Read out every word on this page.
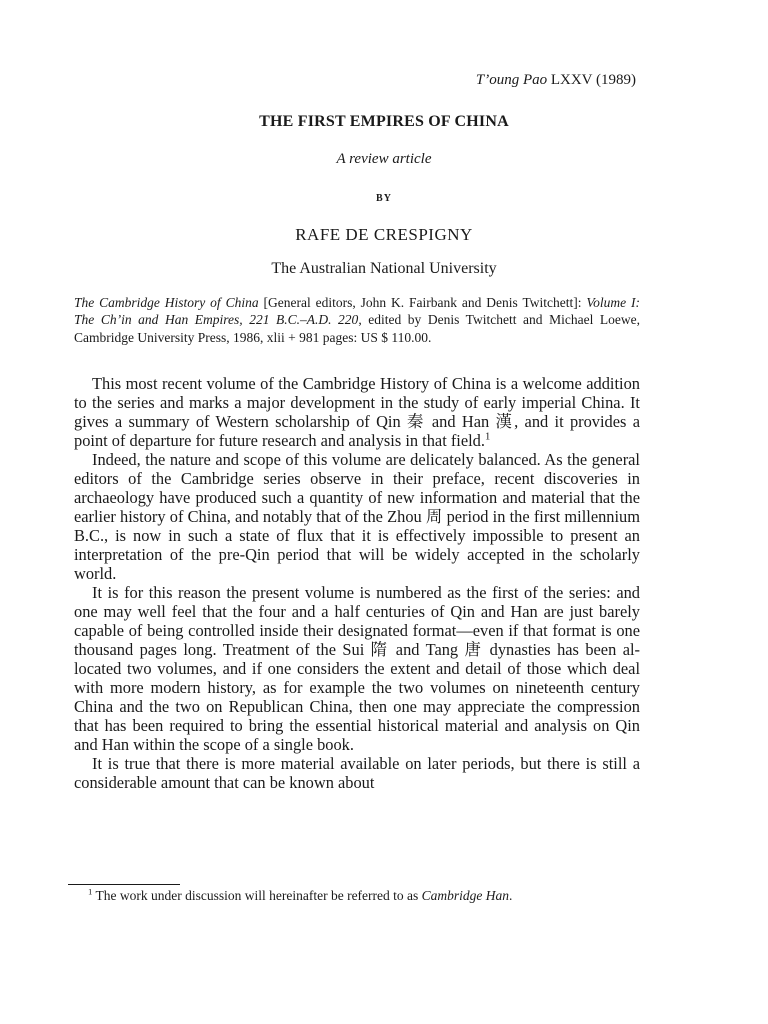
T’oung Pao LXXV (1989)
THE FIRST EMPIRES OF CHINA
A review article
BY
RAFE DE CRESPIGNY
The Australian National University
The Cambridge History of China [General editors, John K. Fairbank and Denis Twitchett]: Volume I: The Ch’in and Han Empires, 221 B.C.–A.D. 220, edited by Denis Twitchett and Michael Loewe, Cambridge University Press, 1986, xlii + 981 pages: US $ 110.00.

This most recent volume of the Cambridge History of China is a welcome addition to the series and marks a major development in the study of early imperial China. It gives a summary of Western scholarship of Qin 秦 and Han 漢, and it provides a point of departure for future research and analysis in that field.$^1$

Indeed, the nature and scope of this volume are delicately balanced. As the general editors of the Cambridge series observe in their preface, recent discoveries in archaeology have produced such a quantity of new information and material that the earlier history of China, and notably that of the Zhou 周 period in the first millennium B.C., is now in such a state of flux that it is effectively impossible to present an interpretation of the pre-Qin period that will be widely accepted in the scholarly world.

It is for this reason the present volume is numbered as the first of the series: and one may well feel that the four and a half centuries of Qin and Han are just barely capable of being controlled inside their designated format—even if that format is one thousand pages long. Treatment of the Sui 隋 and Tang 唐 dynasties has been allocated two volumes, and if one considers the extent and detail of those which deal with more modern history, as for example the two volumes on nineteenth century China and the two on Republican China, then one may appreciate the compression that has been required to bring the essential historical material and analysis on Qin and Han within the scope of a single book.

It is true that there is more material available on later periods, but there is still a considerable amount that can be known about

$^1$ The work under discussion will hereinafter be referred to as Cambridge Han.
